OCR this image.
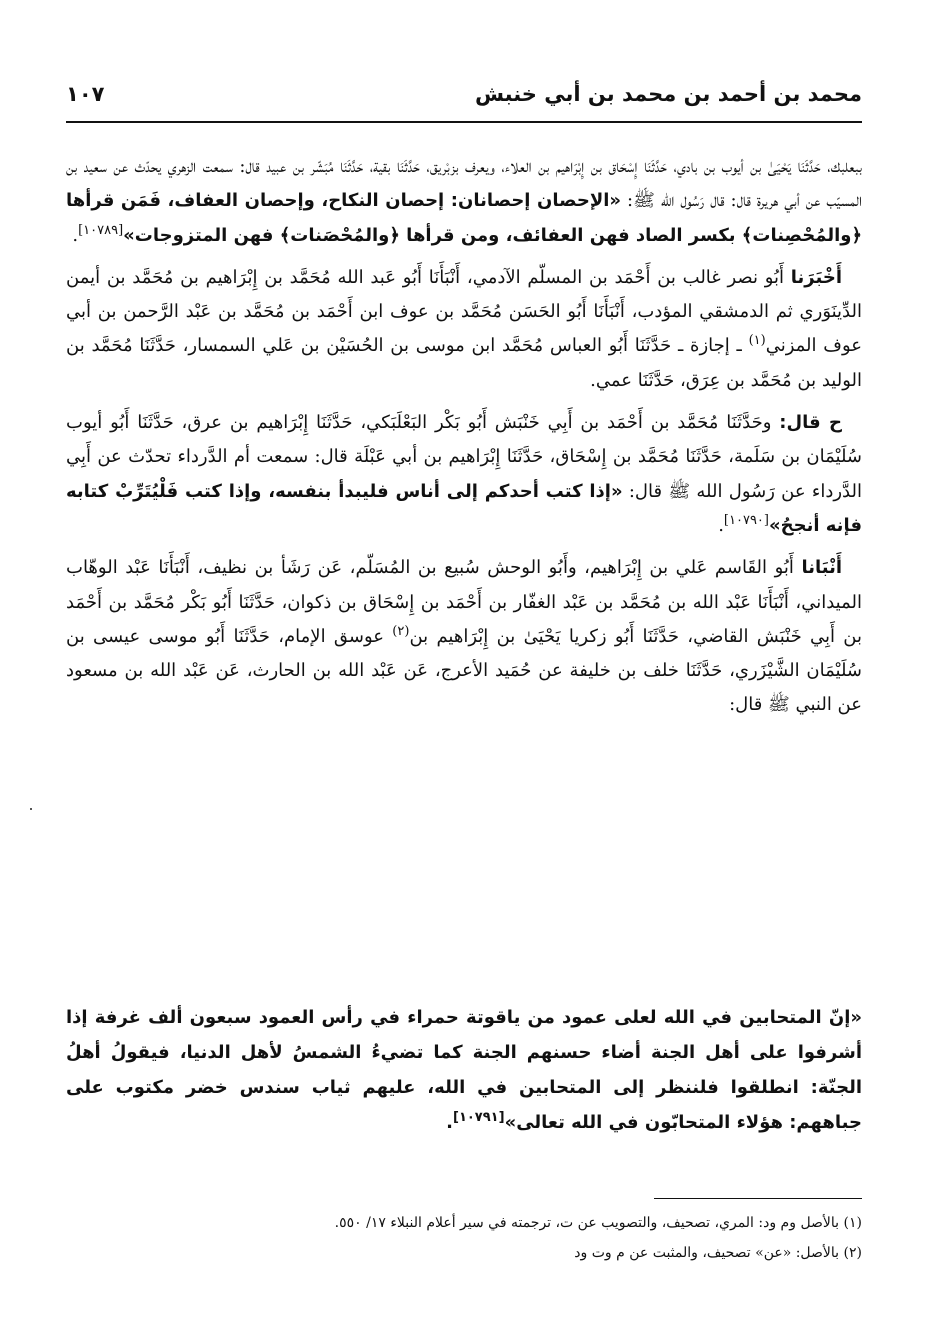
محمد بن أحمد بن محمد بن أبي خنبش
١٠٧

ببعلبك، حَدَّثَنَا يَحْيَىٰ بن أيوب بن بادي، حَدَّثَنَا إِسْحَاق بن إِبْرَاهيم بن العلاء، ويعرف بزبْريق، حَدَّثَنَا بقية، حَدَّثَنَا مُبَشّر بن عبيد قال: سمعت الزهري يحدّث عن سعيد بن المسيّب عن أبي هريرة قال: قال رَسُول الله ﷺ: «الإحصان إحصانان: إحصان النكاح، وإحصان العفاف، فَمَن قرأها ﴿والمُحْصِنات﴾ بكسر الصاد فهن العفائف، ومن قرأها ﴿والمُحْصَنات﴾ فهن المتزوجات»[١٠٧٨٩].

أَخْبَرَنا أَبُو نصر غالب بن أَحْمَد بن المسلّم الآدمي، أَنْبَأَنَا أَبُو عَبد الله مُحَمَّد بن إِبْرَاهيم بن مُحَمَّد بن أيمن الدِّينَوَري ثم الدمشقي المؤدب، أَنْبَأَنَا أَبُو الحَسَن مُحَمَّد بن عوف ابن أَحْمَد بن مُحَمَّد بن عَبْد الرَّحمن بن أبي عوف المزني$^{(١)}$ ـ إجازة ـ حَدَّثَنَا أَبُو العباس مُحَمَّد ابن موسى بن الحُسَيْن بن عَلي السمسار، حَدَّثَنَا مُحَمَّد بن الوليد بن مُحَمَّد بن عِرَق، حَدَّثَنَا عمي.

ح قال: وحَدَّثَنَا مُحَمَّد بن أَحْمَد بن أَبِي خَنْبَش أَبُو بَكْر البَعْلَبَكي، حَدَّثَنَا إِبْرَاهيم بن عرق، حَدَّثَنَا أَبُو أيوب سُلَيْمَان بن سَلَمة، حَدَّثَنَا مُحَمَّد بن إِسْحَاق، حَدَّثَنَا إِبْرَاهيم بن أبي عَبْلَة قال: سمعت أم الدَّرداء تحدّث عن أَبِي الدَّرداء عن رَسُول الله ﷺ قال: «إذا كتب أحدكم إلى أناس فليبدأ بنفسه، وإذا كتب فَلْيُتَرِّبْ كتابه فإنه أنجحُ»[١٠٧٩٠].

أَنْبَانا أَبُو القَاسم عَلي بن إِبْرَاهيم، وأَبُو الوحش سُبيع بن المُسَلّم، عَن رَشَأ بن نظيف، أَنْبَأَنَا عَبْد الوهّاب الميداني، أَنْبَأَنَا عَبْد الله بن مُحَمَّد بن عَبْد الغفّار بن أَحْمَد بن إِسْحَاق بن ذكوان، حَدَّثَنَا أَبُو بَكْر مُحَمَّد بن أَحْمَد بن أَبِي خَنْبَش القاضي، حَدَّثَنَا أَبُو زكريا يَحْيَىٰ بن إِبْرَاهيم بن$^{(٢)}$ عوسق الإمام، حَدَّثَنَا أَبُو موسى عيسى بن سُلَيْمَان الشَّيْزَري، حَدَّثَنَا خلف بن خليفة عن حُمَيد الأعرج، عَن عَبْد الله بن الحارث، عَن عَبْد الله بن مسعود عن النبي ﷺ قال:

«إنّ المتحابين في الله لعلى عمود من ياقوتة حمراء في رأس العمود سبعون ألف غرفة إذا أشرفوا على أهل الجنة أضاء حسنهم الجنة كما تضيءُ الشمسُ لأهل الدنيا، فيقولُ أهلُ الجنّة: انطلقوا فلننظر إلى المتحابين في الله، عليهم ثياب سندس خضر مكتوب على جباههم: هؤلاء المتحابّون في الله تعالى»[١٠٧٩١].

(١) بالأصل وم ود: المري، تصحيف، والتصويب عن ت، ترجمته في سير أعلام النبلاء ١٧/ ٥٥٠.

(٢) بالأصل: «عن» تصحيف، والمثبت عن م وت ود
